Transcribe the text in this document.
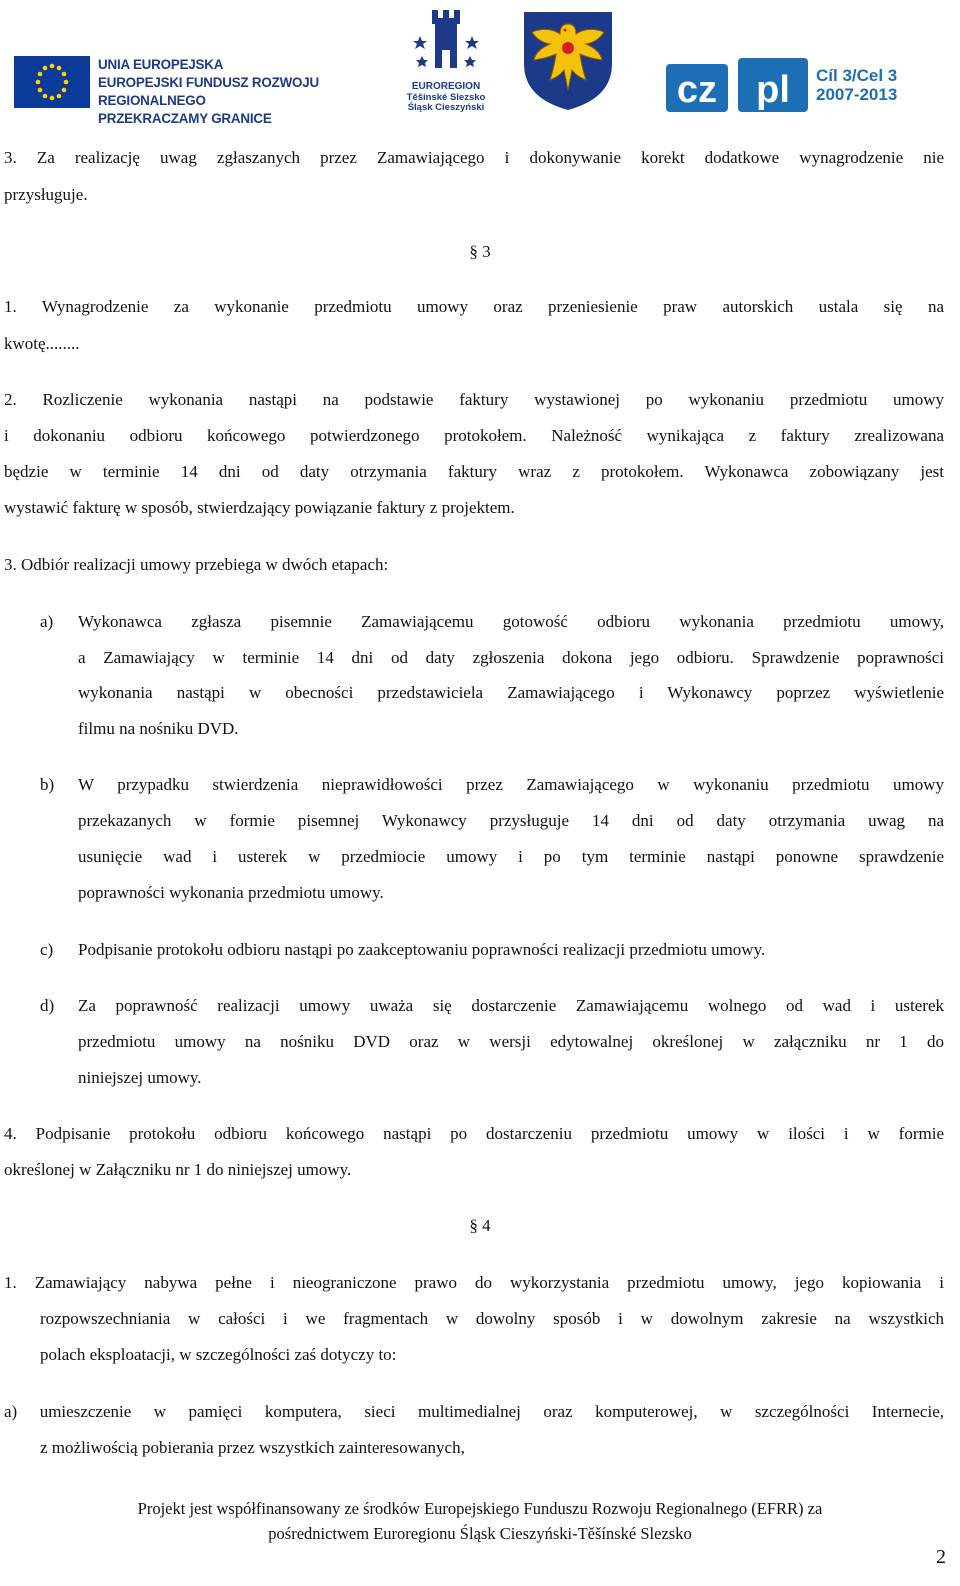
UNIA EUROPEJSKA
EUROPEJSKI FUNDUSZ ROZWOJU REGIONALNEGO
PRZEKRACZAMY GRANICE
EUROREGION
Těšínské Slezsko
Śląsk Cieszyński	cz pl Cíl 3/Cel 3
2007-2013
3. Za realizację uwag zgłaszanych przez Zamawiającego i dokonywanie korekt dodatkowe wynagrodzenie nie
przysługuje.
§ 3
1. Wynagrodzenie za wykonanie przedmiotu umowy oraz przeniesienie praw autorskich ustala się na
kwotę........
2. Rozliczenie wykonania nastąpi na podstawie faktury wystawionej po wykonaniu przedmiotu umowy
i dokonaniu odbioru końcowego potwierdzonego protokołem. Należność wynikająca z faktury zrealizowana
będzie w terminie 14 dni od daty otrzymania faktury wraz z protokołem. Wykonawca zobowiązany jest
wystawić fakturę w sposób, stwierdzający powiązanie faktury z projektem.
3. Odbiór realizacji umowy przebiega w dwóch etapach:
a) Wykonawca zgłasza pisemnie Zamawiającemu gotowość odbioru wykonania przedmiotu umowy,
a Zamawiający w terminie 14 dni od daty zgłoszenia dokona jego odbioru. Sprawdzenie poprawności
wykonania nastąpi w obecności przedstawiciela Zamawiającego i Wykonawcy poprzez wyświetlenie
filmu na nośniku DVD.
b) W przypadku stwierdzenia nieprawidłowości przez Zamawiającego w wykonaniu przedmiotu umowy
przekazanych w formie pisemnej Wykonawcy przysługuje 14 dni od daty otrzymania uwag na
usunięcie wad i usterek w przedmiocie umowy i po tym terminie nastąpi ponowne sprawdzenie
poprawności wykonania przedmiotu umowy.
c) Podpisanie protokołu odbioru nastąpi po zaakceptowaniu poprawności realizacji przedmiotu umowy.
d) Za poprawność realizacji umowy uważa się dostarczenie Zamawiającemu wolnego od wad i usterek
przedmiotu umowy na nośniku DVD oraz w wersji edytowalnej określonej w załączniku nr 1 do
niniejszej umowy.
4. Podpisanie protokołu odbioru końcowego nastąpi po dostarczeniu przedmiotu umowy w ilości i w formie
określonej w Załączniku nr 1 do niniejszej umowy.
§ 4
1. Zamawiający nabywa pełne i nieograniczone prawo do wykorzystania przedmiotu umowy, jego kopiowania i
rozpowszechniania w całości i we fragmentach w dowolny sposób i w dowolnym zakresie na wszystkich
polach eksploatacji, w szczególności zaś dotyczy to:
a) umieszczenie w pamięci komputera, sieci multimedialnej oraz komputerowej, w szczególności Internecie,
z możliwością pobierania przez wszystkich zainteresowanych,
Projekt jest współfinansowany ze środków Europejskiego Funduszu Rozwoju Regionalnego (EFRR) za
pośrednictwem Euroregionu Śląsk Cieszyński-Těšínské Slezsko
2
